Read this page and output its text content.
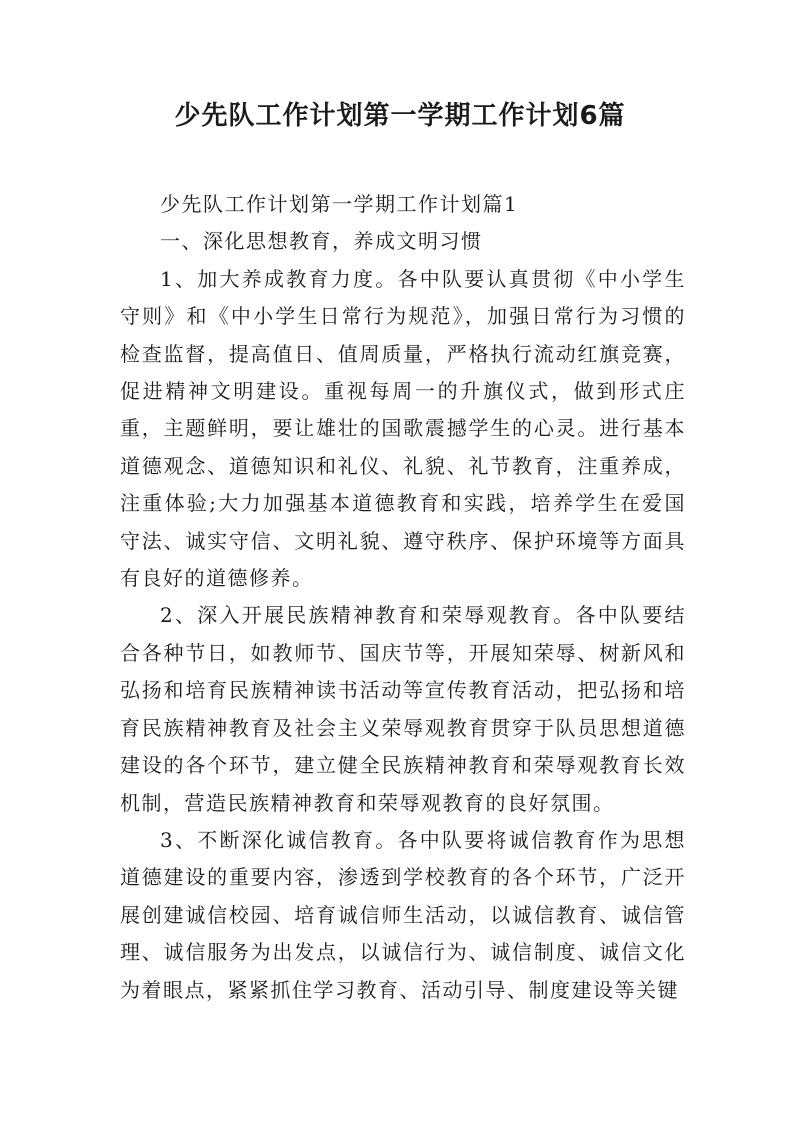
少先队工作计划第一学期工作计划6篇

少先队工作计划第一学期工作计划篇1

一、深化思想教育，养成文明习惯

1、加大养成教育力度。各中队要认真贯彻《中小学生守则》和《中小学生日常行为规范》，加强日常行为习惯的检查监督，提高值日、值周质量，严格执行流动红旗竞赛，促进精神文明建设。重视每周一的升旗仪式，做到形式庄重，主题鲜明，要让雄壮的国歌震撼学生的心灵。进行基本道德观念、道德知识和礼仪、礼貌、礼节教育，注重养成，注重体验;大力加强基本道德教育和实践，培养学生在爱国守法、诚实守信、文明礼貌、遵守秩序、保护环境等方面具有良好的道德修养。

2、深入开展民族精神教育和荣辱观教育。各中队要结合各种节日，如教师节、国庆节等，开展知荣辱、树新风和弘扬和培育民族精神读书活动等宣传教育活动，把弘扬和培育民族精神教育及社会主义荣辱观教育贯穿于队员思想道德建设的各个环节，建立健全民族精神教育和荣辱观教育长效机制，营造民族精神教育和荣辱观教育的良好氛围。

3、不断深化诚信教育。各中队要将诚信教育作为思想道德建设的重要内容，渗透到学校教育的各个环节，广泛开展创建诚信校园、培育诚信师生活动，以诚信教育、诚信管理、诚信服务为出发点，以诚信行为、诚信制度、诚信文化为着眼点，紧紧抓住学习教育、活动引导、制度建设等关键
